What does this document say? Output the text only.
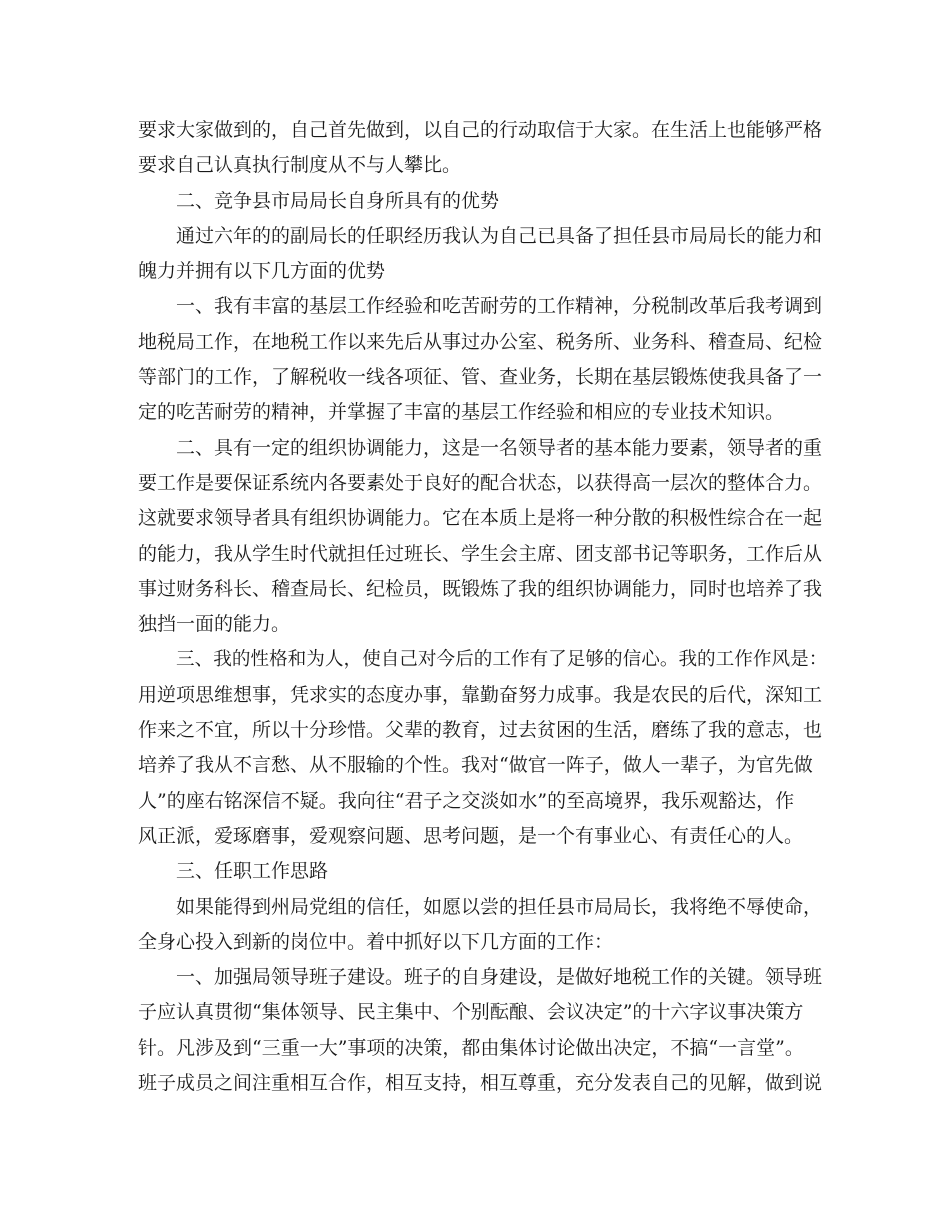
要求大家做到的，自己首先做到，以自己的行动取信于大家。在生活上也能够严格
要求自己认真执行制度从不与人攀比。
二、竞争县市局局长自身所具有的优势
通过六年的的副局长的任职经历我认为自己已具备了担任县市局局长的能力和
魄力并拥有以下几方面的优势
一、我有丰富的基层工作经验和吃苦耐劳的工作精神，分税制改革后我考调到
地税局工作，在地税工作以来先后从事过办公室、税务所、业务科、稽查局、纪检
等部门的工作，了解税收一线各项征、管、查业务，长期在基层锻炼使我具备了一
定的吃苦耐劳的精神，并掌握了丰富的基层工作经验和相应的专业技术知识。
二、具有一定的组织协调能力，这是一名领导者的基本能力要素，领导者的重
要工作是要保证系统内各要素处于良好的配合状态，以获得高一层次的整体合力。
这就要求领导者具有组织协调能力。它在本质上是将一种分散的积极性综合在一起
的能力，我从学生时代就担任过班长、学生会主席、团支部书记等职务，工作后从
事过财务科长、稽查局长、纪检员，既锻炼了我的组织协调能力，同时也培养了我
独挡一面的能力。
三、我的性格和为人，使自己对今后的工作有了足够的信心。我的工作作风是：
用逆项思维想事，凭求实的态度办事，靠勤奋努力成事。我是农民的后代，深知工
作来之不宜，所以十分珍惜。父辈的教育，过去贫困的生活，磨练了我的意志，也
培养了我从不言愁、从不服输的个性。我对“做官一阵子，做人一辈子，为官先做
人”的座右铭深信不疑。我向往“君子之交淡如水”的至高境界，我乐观豁达，作
风正派，爱琢磨事，爱观察问题、思考问题，是一个有事业心、有责任心的人。
三、任职工作思路
如果能得到州局党组的信任，如愿以尝的担任县市局局长，我将绝不辱使命，
全身心投入到新的岗位中。着中抓好以下几方面的工作：
一、加强局领导班子建设。班子的自身建设，是做好地税工作的关键。领导班
子应认真贯彻“集体领导、民主集中、个别酝酿、会议决定”的十六字议事决策方
针。凡涉及到“三重一大”事项的决策，都由集体讨论做出决定，不搞“一言堂”。
班子成员之间注重相互合作，相互支持，相互尊重，充分发表自己的见解，做到说
